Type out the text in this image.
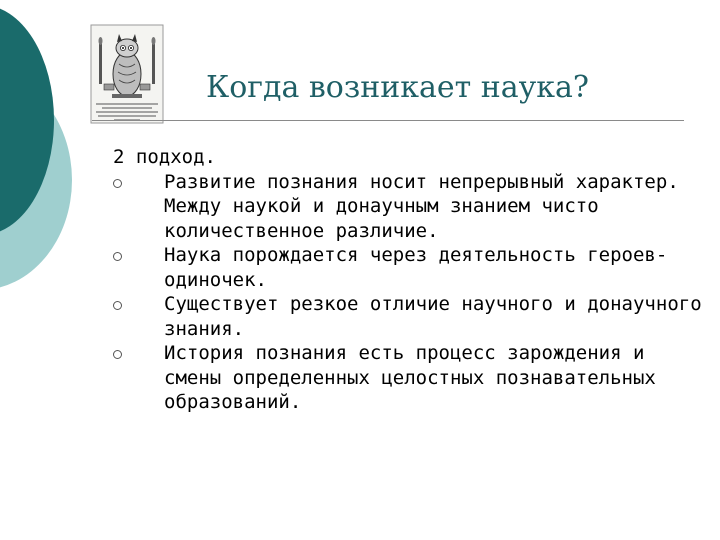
Когда возникает наука?

2 подход.

Развитие познания носит непрерывный характер. Между наукой и донаучным знанием чисто количественное различие.
Наука порождается через деятельность героев-одиночек.
Существует резкое отличие научного и донаучного знания.
История познания есть процесс зарождения и смены определенных целостных познавательных образований.
